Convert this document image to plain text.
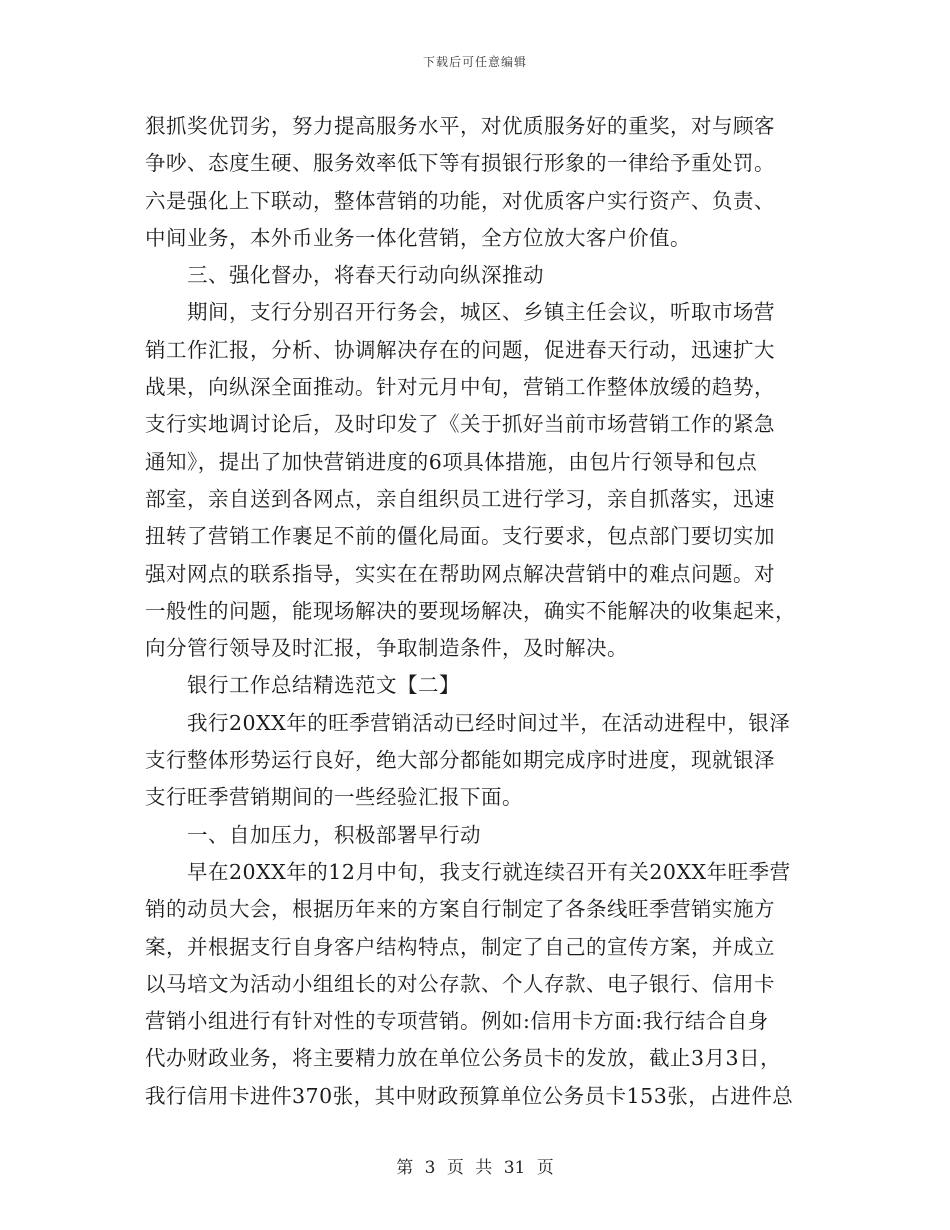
下载后可任意编辑
狠抓奖优罚劣，努力提高服务水平，对优质服务好的重奖，对与顾客
争吵、态度生硬、服务效率低下等有损银行形象的一律给予重处罚。
六是强化上下联动，整体营销的功能，对优质客户实行资产、负责、
中间业务，本外币业务一体化营销，全方位放大客户价值。
三、强化督办，将春天行动向纵深推动
期间，支行分别召开行务会，城区、乡镇主任会议，听取市场营
销工作汇报，分析、协调解决存在的问题，促进春天行动，迅速扩大
战果，向纵深全面推动。针对元月中旬，营销工作整体放缓的趋势，
支行实地调讨论后，及时印发了《关于抓好当前市场营销工作的紧急
通知》，提出了加快营销进度的6项具体措施，由包片行领导和包点
部室，亲自送到各网点，亲自组织员工进行学习，亲自抓落实，迅速
扭转了营销工作裹足不前的僵化局面。支行要求，包点部门要切实加
强对网点的联系指导，实实在在帮助网点解决营销中的难点问题。对
一般性的问题，能现场解决的要现场解决，确实不能解决的收集起来，
向分管行领导及时汇报，争取制造条件，及时解决。
银行工作总结精选范文【二】
我行20XX年的旺季营销活动已经时间过半，在活动进程中，银泽
支行整体形势运行良好，绝大部分都能如期完成序时进度，现就银泽
支行旺季营销期间的一些经验汇报下面。
一、自加压力，积极部署早行动
早在20XX年的12月中旬，我支行就连续召开有关20XX年旺季营
销的动员大会，根据历年来的方案自行制定了各条线旺季营销实施方
案，并根据支行自身客户结构特点，制定了自己的宣传方案，并成立
以马培文为活动小组组长的对公存款、个人存款、电子银行、信用卡
营销小组进行有针对性的专项营销。例如:信用卡方面:我行结合自身
代办财政业务，将主要精力放在单位公务员卡的发放，截止3月3日，
我行信用卡进件370张，其中财政预算单位公务员卡153张，占进件总
第 3 页 共 31 页
